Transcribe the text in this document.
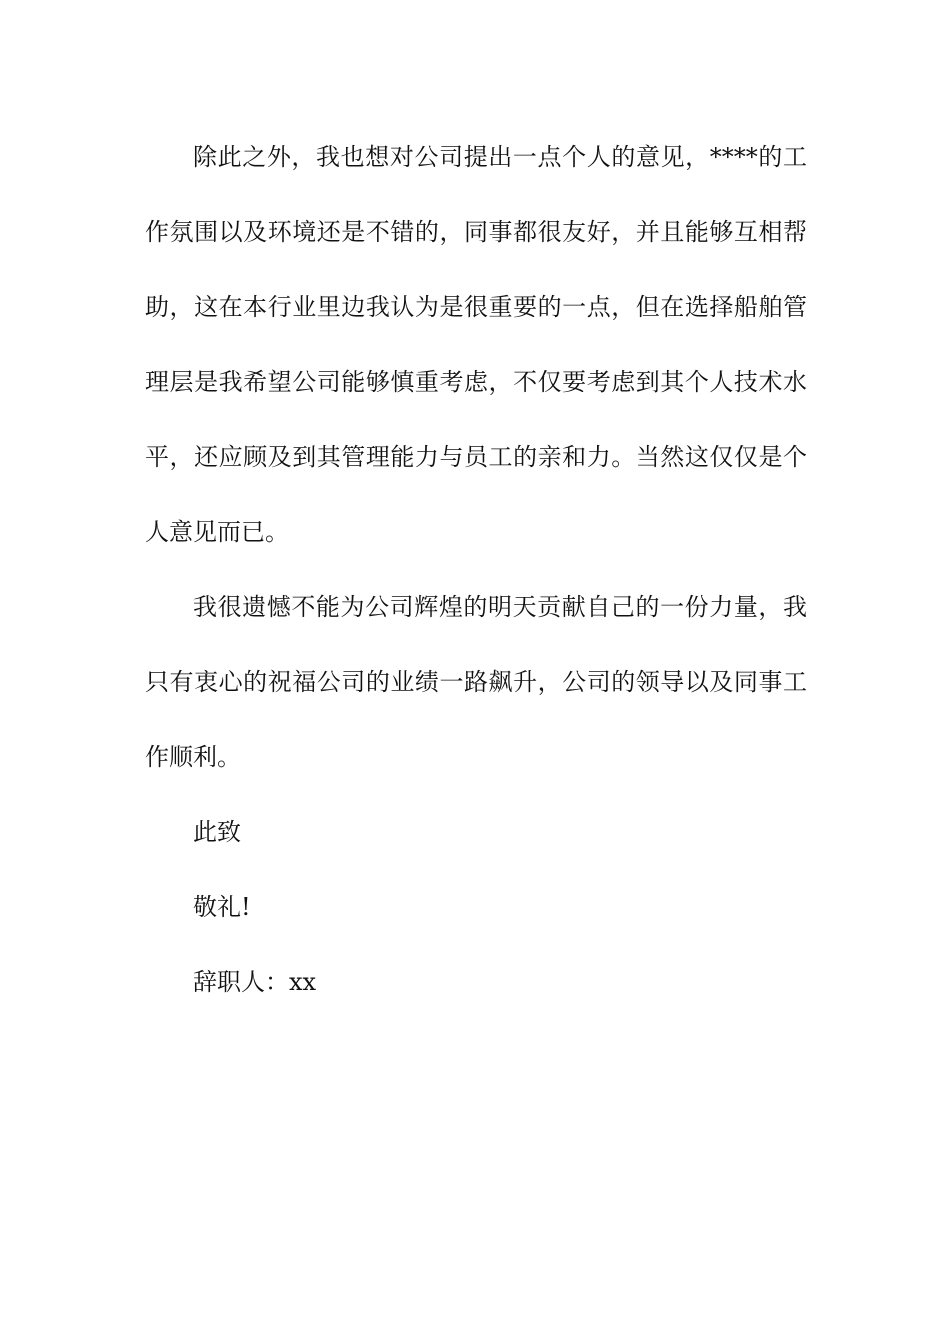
除此之外，我也想对公司提出一点个人的意见，****的工作氛围以及环境还是不错的，同事都很友好，并且能够互相帮助，这在本行业里边我认为是很重要的一点，但在选择船舶管理层是我希望公司能够慎重考虑，不仅要考虑到其个人技术水平，还应顾及到其管理能力与员工的亲和力。当然这仅仅是个人意见而已。

我很遗憾不能为公司辉煌的明天贡献自己的一份力量，我只有衷心的祝福公司的业绩一路飙升，公司的领导以及同事工作顺利。

此致

敬礼!

辞职人：xx
